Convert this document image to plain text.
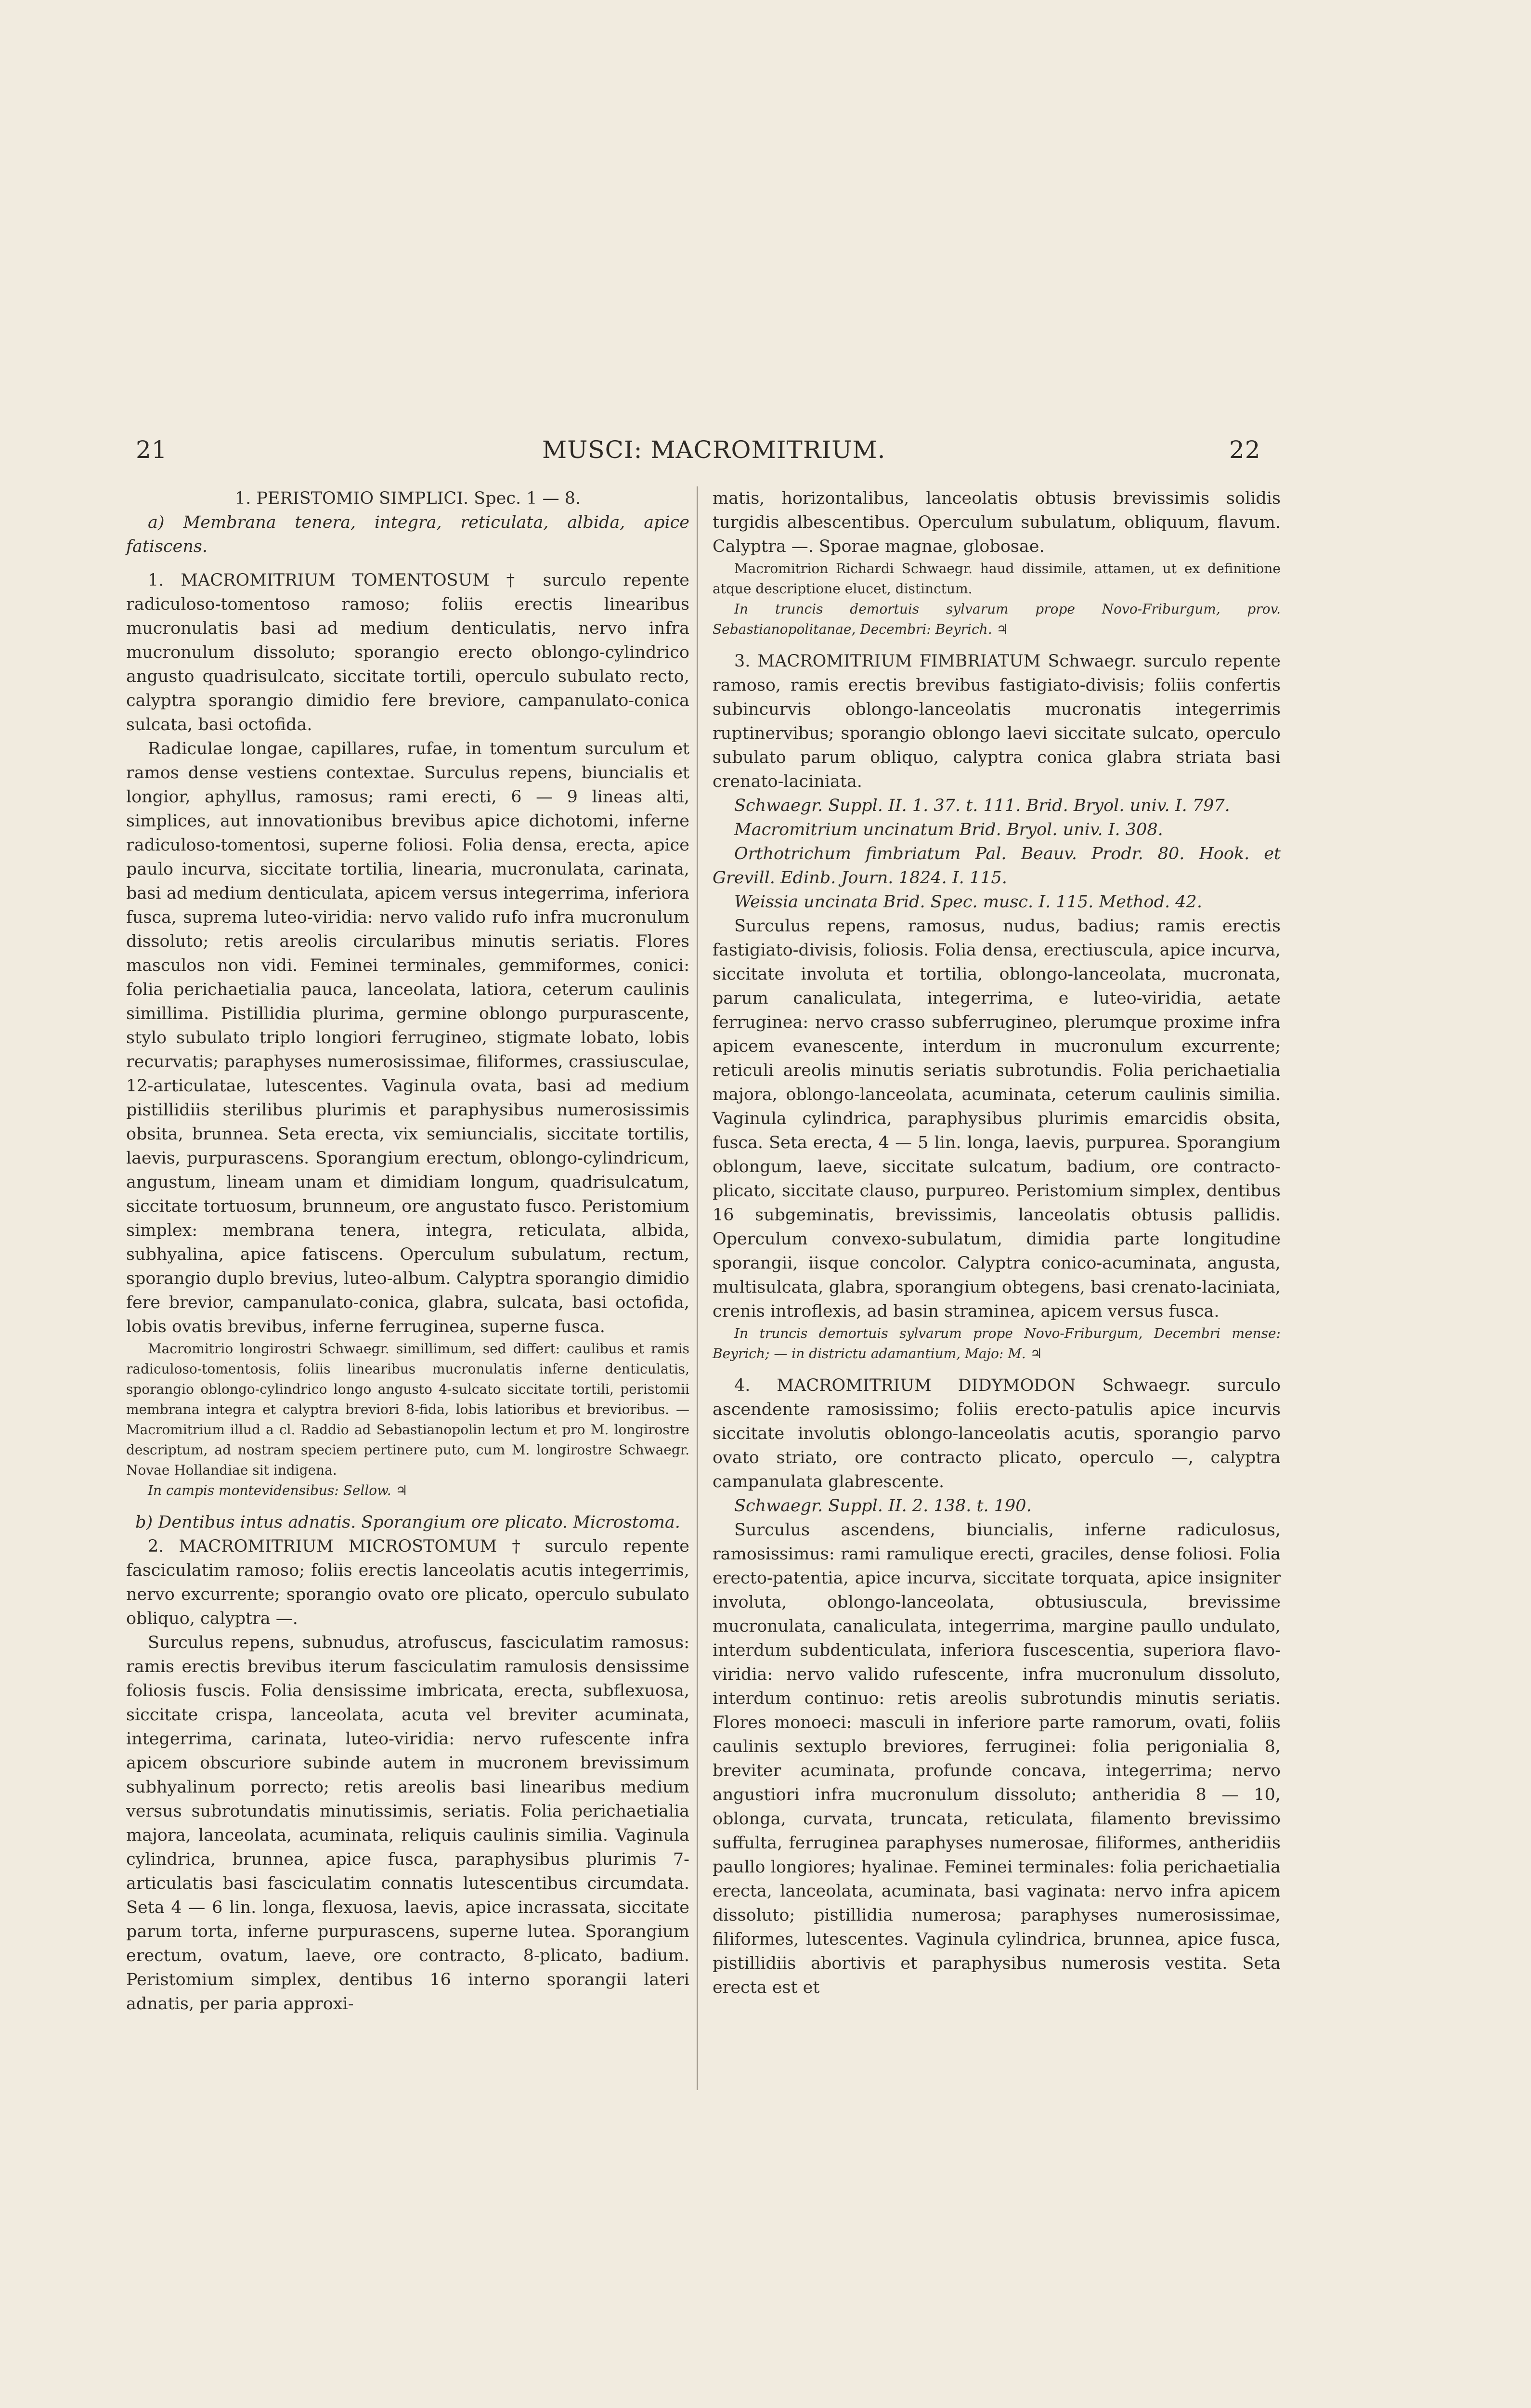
21	MUSCI: MACROMITRIUM.	22

1. PERISTOMIO SIMPLICI. Spec. 1 — 8.

a) Membrana tenera, integra, reticulata, albida, apice fatiscens.

1. MACROMITRIUM TOMENTOSUM † surculo repente radiculoso-tomentoso ramoso; foliis erectis linearibus mucronulatis basi ad medium denticulatis, nervo infra mucronulum dissoluto; sporangio erecto oblongo-cylindrico angusto quadrisulcato, siccitate tortili, operculo subulato recto, calyptra sporangio dimidio fere breviore, campanulato-conica sulcata, basi octofida.

Radiculae longae, capillares, rufae, in tomentum surculum et ramos dense vestiens contextae. Surculus repens, biuncialis et longior, aphyllus, ramosus; rami erecti, 6 — 9 lineas alti, simplices, aut innovationibus brevibus apice dichotomi, inferne radiculoso-tomentosi, superne foliosi. Folia densa, erecta, apice paulo incurva, siccitate tortilia, linearia, mucronulata, carinata, basi ad medium denticulata, apicem versus integerrima, inferiora fusca, suprema luteo-viridia: nervo valido rufo infra mucronulum dissoluto; retis areolis circularibus minutis seriatis. Flores masculos non vidi. Feminei terminales, gemmiformes, conici: folia perichaetialia pauca, lanceolata, latiora, ceterum caulinis simillima. Pistillidia plurima, germine oblongo purpurascente, stylo subulato triplo longiori ferrugineo, stigmate lobato, lobis recurvatis; paraphyses numerosissimae, filiformes, crassiusculae, 12-articulatae, lutescentes. Vaginula ovata, basi ad medium pistillidiis sterilibus plurimis et paraphysibus numerosissimis obsita, brunnea. Seta erecta, vix semiuncialis, siccitate tortilis, laevis, purpurascens. Sporangium erectum, oblongo-cylindricum, angustum, lineam unam et dimidiam longum, quadrisulcatum, siccitate tortuosum, brunneum, ore angustato fusco. Peristomium simplex: membrana tenera, integra, reticulata, albida, subhyalina, apice fatiscens. Operculum subulatum, rectum, sporangio duplo brevius, luteo-album. Calyptra sporangio dimidio fere brevior, campanulato-conica, glabra, sulcata, basi octofida, lobis ovatis brevibus, inferne ferruginea, superne fusca.

Macromitrio longirostri Schwaegr. simillimum, sed differt: caulibus et ramis radiculoso-tomentosis, foliis linearibus mucronulatis inferne denticulatis, sporangio oblongo-cylindrico longo angusto 4-sulcato siccitate tortili, peristomii membrana integra et calyptra breviori 8-fida, lobis latioribus et brevioribus. — Macromitrium illud a cl. Raddio ad Sebastianopolin lectum et pro M. longirostre descriptum, ad nostram speciem pertinere puto, cum M. longirostre Schwaegr. Novae Hollandiae sit indigena.

In campis montevidensibus: Sellow. ♃

b) Dentibus intus adnatis. Sporangium ore plicato. Microstoma.

2. MACROMITRIUM MICROSTOMUM † surculo repente fasciculatim ramoso; foliis erectis lanceolatis acutis integerrimis, nervo excurrente; sporangio ovato ore plicato, operculo subulato obliquo, calyptra —.

Surculus repens, subnudus, atrofuscus, fasciculatim ramosus: ramis erectis brevibus iterum fasciculatim ramulosis densissime foliosis fuscis. Folia densissime imbricata, erecta, subflexuosa, siccitate crispa, lanceolata, acuta vel breviter acuminata, integerrima, carinata, luteo-viridia: nervo rufescente infra apicem obscuriore subinde autem in mucronem brevissimum subhyalinum porrecto; retis areolis basi linearibus medium versus subrotundatis minutissimis, seriatis. Folia perichaetialia majora, lanceolata, acuminata, reliquis caulinis similia. Vaginula cylindrica, brunnea, apice fusca, paraphysibus plurimis 7-articulatis basi fasciculatim connatis lutescentibus circumdata. Seta 4 — 6 lin. longa, flexuosa, laevis, apice incrassata, siccitate parum torta, inferne purpurascens, superne lutea. Sporangium erectum, ovatum, laeve, ore contracto, 8-plicato, badium. Peristomium simplex, dentibus 16 interno sporangii lateri adnatis, per paria approxi-

matis, horizontalibus, lanceolatis obtusis brevissimis solidis turgidis albescentibus. Operculum subulatum, obliquum, flavum. Calyptra —. Sporae magnae, globosae.

Macromitrion Richardi Schwaegr. haud dissimile, attamen, ut ex definitione atque descriptione elucet, distinctum.

In truncis demortuis sylvarum prope Novo-Friburgum, prov. Sebastianopolitanae, Decembri: Beyrich. ♃

3. MACROMITRIUM FIMBRIATUM Schwaegr. surculo repente ramoso, ramis erectis brevibus fastigiato-divisis; foliis confertis subincurvis oblongo-lanceolatis mucronatis integerrimis ruptinervibus; sporangio oblongo laevi siccitate sulcato, operculo subulato parum obliquo, calyptra conica glabra striata basi crenato-laciniata.

Schwaegr. Suppl. II. 1. 37. t. 111. Brid. Bryol. univ. I. 797.

Macromitrium uncinatum Brid. Bryol. univ. I. 308.

Orthotrichum fimbriatum Pal. Beauv. Prodr. 80. Hook. et Grevill. Edinb. Journ. 1824. I. 115.

Weissia uncinata Brid. Spec. musc. I. 115. Method. 42.

Surculus repens, ramosus, nudus, badius; ramis erectis fastigiato-divisis, foliosis. Folia densa, erectiuscula, apice incurva, siccitate involuta et tortilia, oblongo-lanceolata, mucronata, parum canaliculata, integerrima, e luteo-viridia, aetate ferruginea: nervo crasso subferrugineo, plerumque proxime infra apicem evanescente, interdum in mucronulum excurrente; reticuli areolis minutis seriatis subrotundis. Folia perichaetialia majora, oblongo-lanceolata, acuminata, ceterum caulinis similia. Vaginula cylindrica, paraphysibus plurimis emarcidis obsita, fusca. Seta erecta, 4 — 5 lin. longa, laevis, purpurea. Sporangium oblongum, laeve, siccitate sulcatum, badium, ore contracto-plicato, siccitate clauso, purpureo. Peristomium simplex, dentibus 16 subgeminatis, brevissimis, lanceolatis obtusis pallidis. Operculum convexo-subulatum, dimidia parte longitudine sporangii, iisque concolor. Calyptra conico-acuminata, angusta, multisulcata, glabra, sporangium obtegens, basi crenato-laciniata, crenis introflexis, ad basin straminea, apicem versus fusca.

In truncis demortuis sylvarum prope Novo-Friburgum, Decembri mense: Beyrich; — in districtu adamantium, Majo: M. ♃

4. MACROMITRIUM DIDYMODON Schwaegr. surculo ascendente ramosissimo; foliis erecto-patulis apice incurvis siccitate involutis oblongo-lanceolatis acutis, sporangio parvo ovato striato, ore contracto plicato, operculo —, calyptra campanulata glabrescente.

Schwaegr. Suppl. II. 2. 138. t. 190.

Surculus ascendens, biuncialis, inferne radiculosus, ramosissimus: rami ramulique erecti, graciles, dense foliosi. Folia erecto-patentia, apice incurva, siccitate torquata, apice insigniter involuta, oblongo-lanceolata, obtusiuscula, brevissime mucronulata, canaliculata, integerrima, margine paullo undulato, interdum subdenticulata, inferiora fuscescentia, superiora flavo-viridia: nervo valido rufescente, infra mucronulum dissoluto, interdum continuo: retis areolis subrotundis minutis seriatis. Flores monoeci: masculi in inferiore parte ramorum, ovati, foliis caulinis sextuplo breviores, ferruginei: folia perigonialia 8, breviter acuminata, profunde concava, integerrima; nervo angustiori infra mucronulum dissoluto; antheridia 8 — 10, oblonga, curvata, truncata, reticulata, filamento brevissimo suffulta, ferruginea paraphyses numerosae, filiformes, antheridiis paullo longiores; hyalinae. Feminei terminales: folia perichaetialia erecta, lanceolata, acuminata, basi vaginata: nervo infra apicem dissoluto; pistillidia numerosa; paraphyses numerosissimae, filiformes, lutescentes. Vaginula cylindrica, brunnea, apice fusca, pistillidiis abortivis et paraphysibus numerosis vestita. Seta erecta est et
